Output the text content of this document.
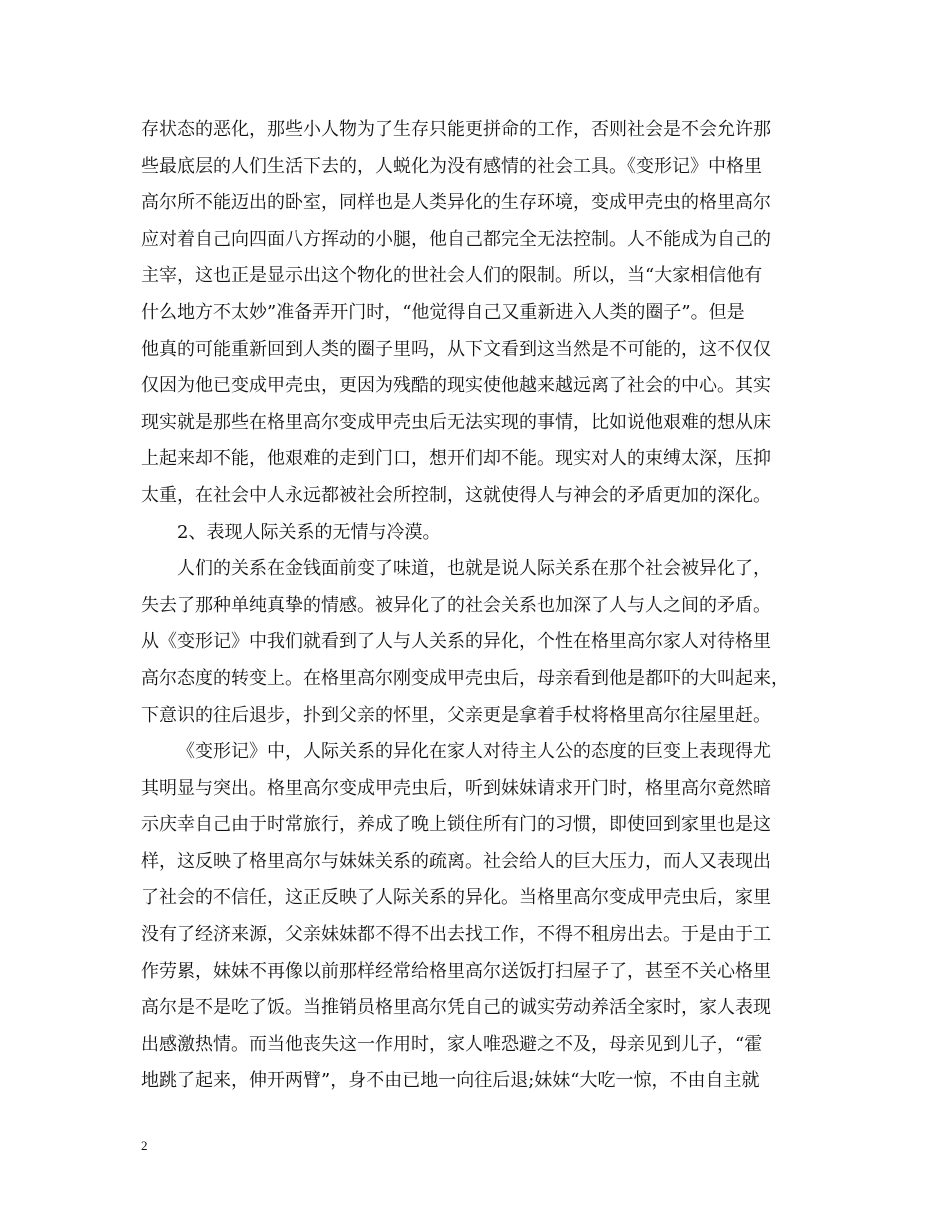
存状态的恶化，那些小人物为了生存只能更拼命的工作，否则社会是不会允许那
些最底层的人们生活下去的，人蜕化为没有感情的社会工具。《变形记》中格里
高尔所不能迈出的卧室，同样也是人类异化的生存环境，变成甲壳虫的格里高尔
应对着自己向四面八方挥动的小腿，他自己都完全无法控制。人不能成为自己的
主宰，这也正是显示出这个物化的世社会人们的限制。所以，当“大家相信他有
什么地方不太妙”准备弄开门时，“他觉得自己又重新进入人类的圈子”。但是
他真的可能重新回到人类的圈子里吗，从下文看到这当然是不可能的，这不仅仅
仅因为他已变成甲壳虫，更因为残酷的现实使他越来越远离了社会的中心。其实
现实就是那些在格里高尔变成甲壳虫后无法实现的事情，比如说他艰难的想从床
上起来却不能，他艰难的走到门口，想开们却不能。现实对人的束缚太深，压抑
太重，在社会中人永远都被社会所控制，这就使得人与神会的矛盾更加的深化。
2、表现人际关系的无情与冷漠。
人们的关系在金钱面前变了味道，也就是说人际关系在那个社会被异化了，
失去了那种单纯真挚的情感。被异化了的社会关系也加深了人与人之间的矛盾。
从《变形记》中我们就看到了人与人关系的异化，个性在格里高尔家人对待格里
高尔态度的转变上。在格里高尔刚变成甲壳虫后，母亲看到他是都吓的大叫起来，
下意识的往后退步，扑到父亲的怀里，父亲更是拿着手杖将格里高尔往屋里赶。
《变形记》中，人际关系的异化在家人对待主人公的态度的巨变上表现得尤
其明显与突出。格里高尔变成甲壳虫后，听到妹妹请求开门时，格里高尔竟然暗
示庆幸自己由于时常旅行，养成了晚上锁住所有门的习惯，即使回到家里也是这
样，这反映了格里高尔与妹妹关系的疏离。社会给人的巨大压力，而人又表现出
了社会的不信任，这正反映了人际关系的异化。当格里高尔变成甲壳虫后，家里
没有了经济来源，父亲妹妹都不得不出去找工作，不得不租房出去。于是由于工
作劳累，妹妹不再像以前那样经常给格里高尔送饭打扫屋子了，甚至不关心格里
高尔是不是吃了饭。当推销员格里高尔凭自己的诚实劳动养活全家时，家人表现
出感激热情。而当他丧失这一作用时，家人唯恐避之不及，母亲见到儿子，“霍
地跳了起来，伸开两臂”，身不由已地一向往后退;妹妹“大吃一惊，不由自主就
2
